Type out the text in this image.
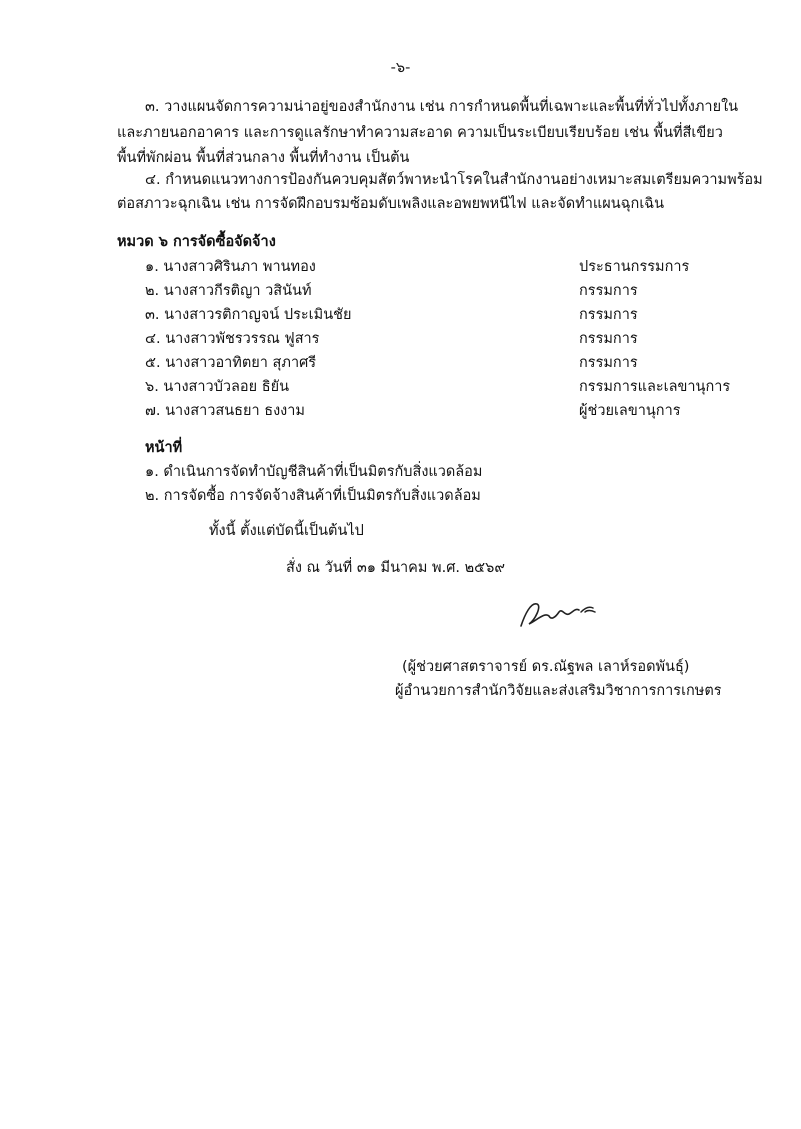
-๖-
๓. วางแผนจัดการความน่าอยู่ของสำนักงาน เช่น การกำหนดพื้นที่เฉพาะและพื้นที่ทั่วไปทั้งภายใน
และภายนอกอาคาร และการดูแลรักษาทำความสะอาด ความเป็นระเบียบเรียบร้อย เช่น พื้นที่สีเขียว
พื้นที่พักผ่อน พื้นที่ส่วนกลาง พื้นที่ทำงาน เป็นต้น
๔. กำหนดแนวทางการป้องกันควบคุมสัตว์พาหะนำโรคในสำนักงานอย่างเหมาะสมเตรียมความพร้อม
ต่อสภาวะฉุกเฉิน เช่น การจัดฝึกอบรมซ้อมดับเพลิงและอพยพหนีไฟ และจัดทำแผนฉุกเฉิน
หมวด ๖ การจัดซื้อจัดจ้าง
๑. นางสาวศิรินภา พานทอง	ประธานกรรมการ
๒. นางสาวกีรติญา วสินันท์	กรรมการ
๓. นางสาวรติกาญจน์ ประเมินชัย	กรรมการ
๔. นางสาวพัชรวรรณ ฟูสาร	กรรมการ
๕. นางสาวอาทิตยา สุภาศรี	กรรมการ
๖. นางสาวบัวลอย ธิยัน	กรรมการและเลขานุการ
๗. นางสาวสนธยา ธงงาม	ผู้ช่วยเลขานุการ
หน้าที่
๑. ดำเนินการจัดทำบัญชีสินค้าที่เป็นมิตรกับสิ่งแวดล้อม
๒. การจัดซื้อ การจัดจ้างสินค้าที่เป็นมิตรกับสิ่งแวดล้อม
ทั้งนี้ ตั้งแต่บัดนี้เป็นต้นไป
สั่ง ณ วันที่ ๓๑ มีนาคม พ.ศ. ๒๕๖๙
(ผู้ช่วยศาสตราจารย์ ดร.ณัฐพล เลาห์รอดพันธุ์)
ผู้อำนวยการสำนักวิจัยและส่งเสริมวิชาการการเกษตร
